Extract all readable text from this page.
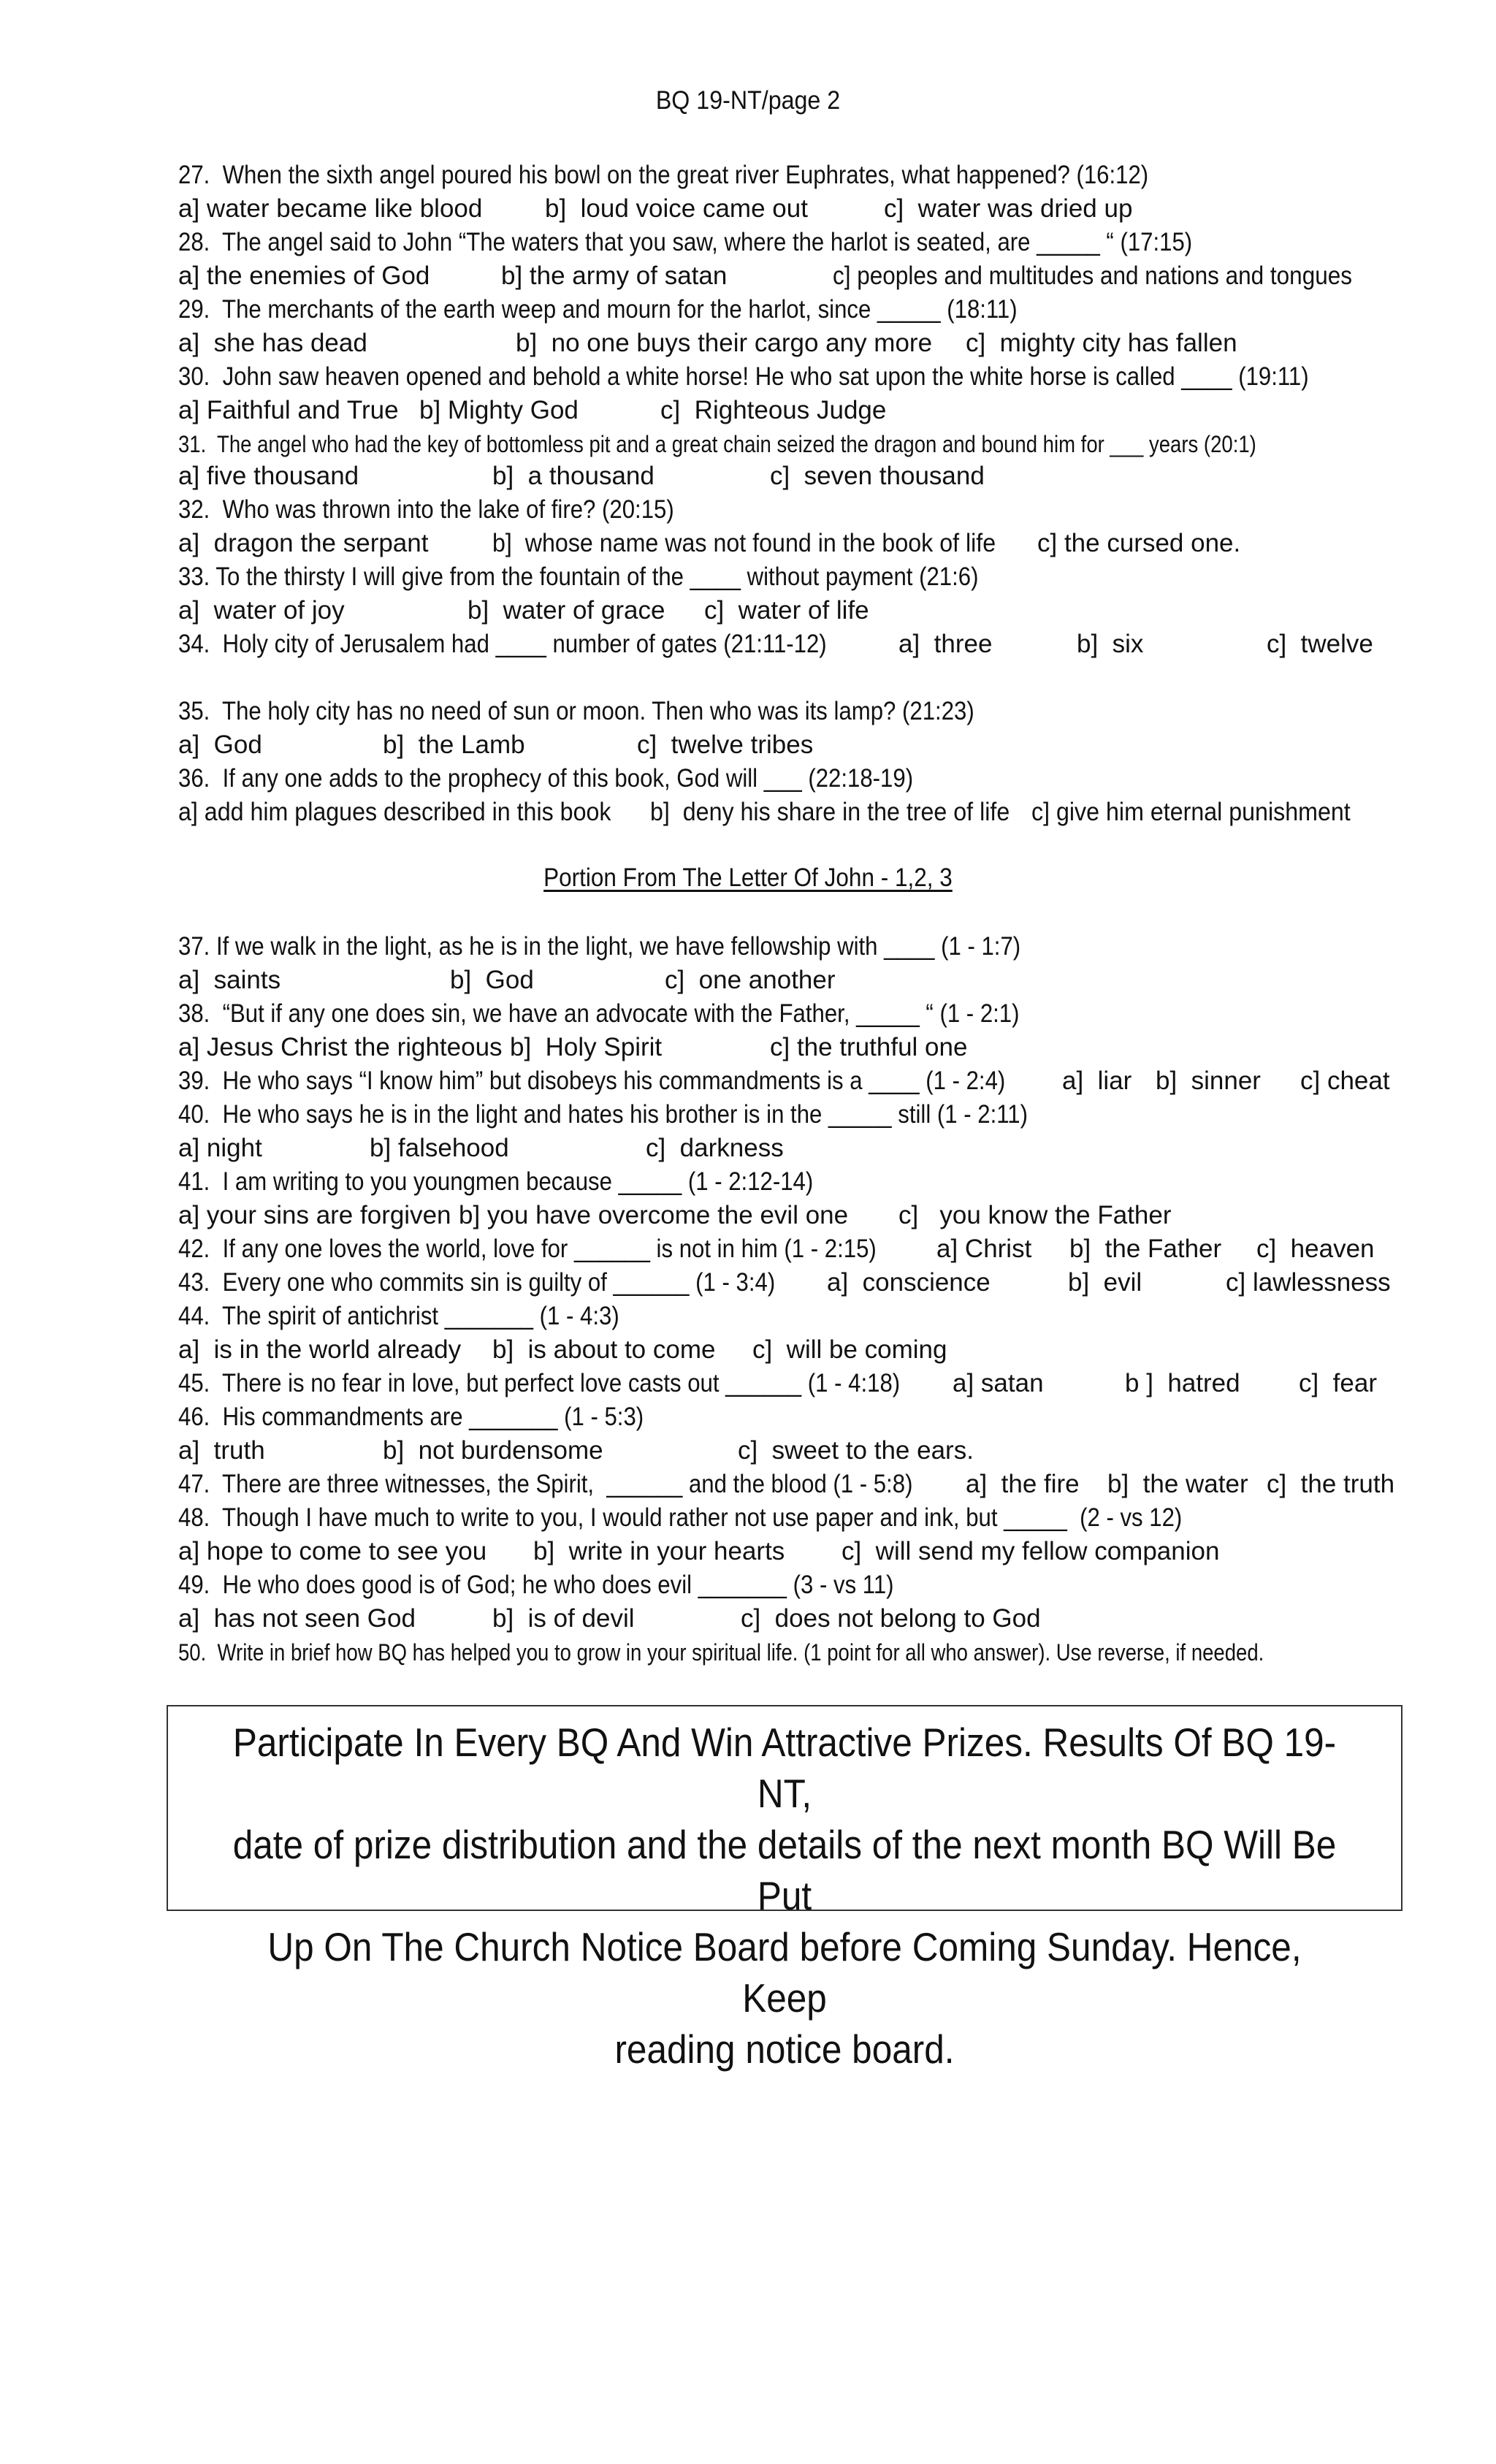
BQ 19-NT/page 2
27.  When the sixth angel poured his bowl on the great river Euphrates, what happened? (16:12)

a] water became like blood

b]  loud voice came out

	c]  water was dried up

28.  The angel said to John “The waters that you saw, where the harlot is seated, are _____ “ (17:15)

a] the enemies of God

	b] the army of satan

	c] peoples and multitudes and nations and tongues

29.  The merchants of the earth weep and mourn for the harlot, since _____ (18:11)

a]  she has dead

	b]  no one buys their cargo any more

c]  mighty city has fallen

30.  John saw heaven opened and behold a white horse! He who sat upon the white horse is called ____ (19:11)

a] Faithful and True

b] Mighty God

	c]  Righteous Judge

31.  The angel who had the key of bottomless pit and a great chain seized the dragon and bound him for ___ years (20:1)

a] five thousand

	b]  a thousand

	c]  seven thousand

32.  Who was thrown into the lake of fire? (20:15)

a]  dragon the serpant

	b]  whose name was not found in the book of life

c] the cursed one.

33. To the thirsty I will give from the fountain of the ____ without payment (21:6)

a]  water of joy

	b]  water of grace

c]  water of life

34.  Holy city of Jerusalem had ____ number of gates (21:11-12)

	a]  three

	b]  six

	c]  twelve

35.  The holy city has no need of sun or moon. Then who was its lamp? (21:23)

a]  God

	b]  the Lamb

	c]  twelve tribes

36.  If any one adds to the prophecy of this book, God will ___ (22:18-19)

a] add him plagues described in this book

b]  deny his share in the tree of life

c] give him eternal punishment

Portion From The Letter Of John - 1,2, 3
37. If we walk in the light, as he is in the light, we have fellowship with ____ (1 - 1:7)

a]  saints

	b]  God

	c]  one another

38.  “But if any one does sin, we have an advocate with the Father, _____ “ (1 - 2:1)

a] Jesus Christ the righteous

b]  Holy Spirit

	c] the truthful one

39.  He who says “I know him” but disobeys his commandments is a ____ (1 - 2:4)

a]  liar

b]  sinner

c] cheat

40.  He who says he is in the light and hates his brother is in the _____ still (1 - 2:11)

a] night

	b] falsehood

	c]  darkness

41.  I am writing to you youngmen because _____ (1 - 2:12-14)

a] your sins are forgiven

b] you have overcome the evil one

c]   you know the Father

42.  If any one loves the world, love for ______ is not in him (1 - 2:15)

a] Christ

b]  the Father

c]  heaven

43.  Every one who commits sin is guilty of ______ (1 - 3:4)

a]  conscience

	b]  evil

	c] lawlessness

44.  The spirit of antichrist _______ (1 - 4:3)

a]  is in the world already

b]  is about to come

c]  will be coming

45.  There is no fear in love, but perfect love casts out ______ (1 - 4:18)

a] satan

	b ]  hatred

c]  fear

46.  His commandments are _______ (1 - 5:3)

a]  truth

	b]  not burdensome

	c]  sweet to the ears.

47.  There are three witnesses, the Spirit,  ______ and the blood (1 - 5:8)

a]  the fire

b]  the water

c]  the truth

48.  Though I have much to write to you, I would rather not use paper and ink, but _____  (2 - vs 12)

a] hope to come to see you

b]  write in your hearts

c]  will send my fellow companion

49.  He who does good is of God; he who does evil _______ (3 - vs 11)

a]  has not seen God

	b]  is of devil

	c]  does not belong to God

50.  Write in brief how BQ has helped you to grow in your spiritual life. (1 point for all who answer). Use reverse, if needed.
Participate In Every BQ And Win Attractive Prizes. Results Of BQ 19-NT,
date of prize distribution and the details of the next month BQ Will Be Put
Up On The Church Notice Board before Coming Sunday. Hence, Keep
reading notice board.
